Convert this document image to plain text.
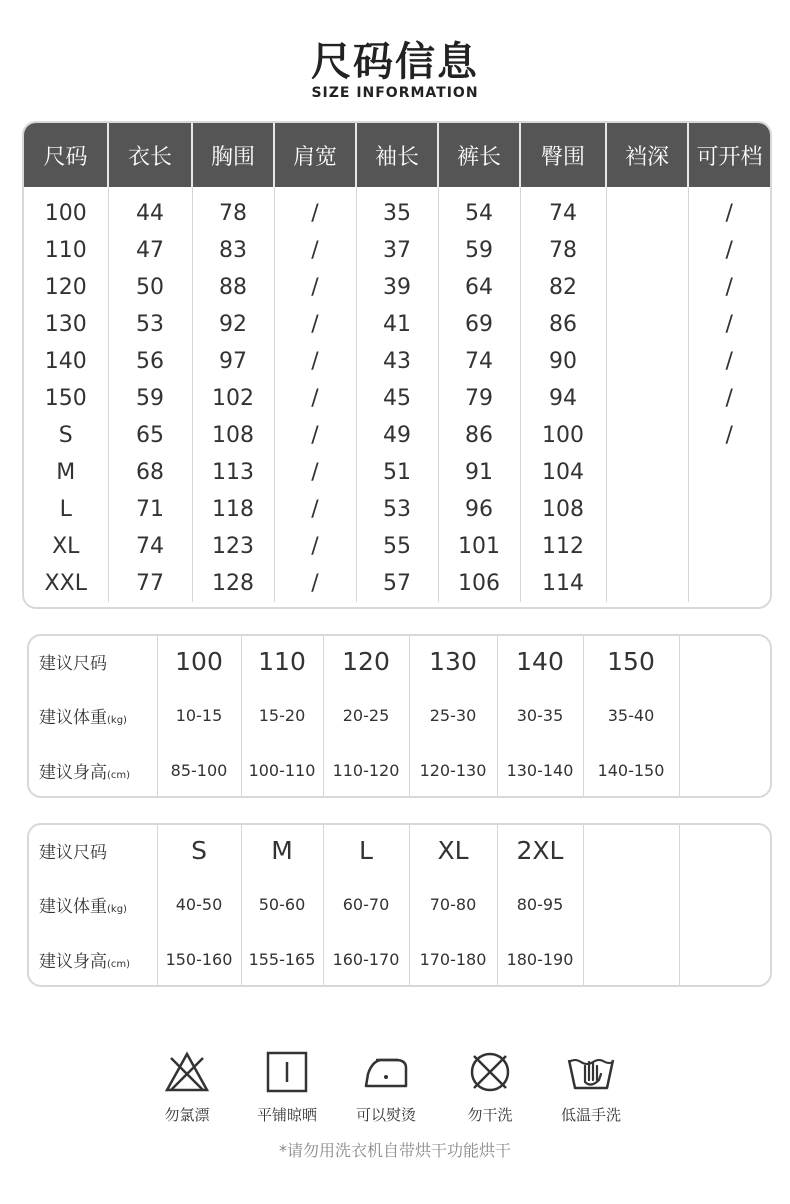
尺码信息
SIZE INFORMATION
尺码	衣长	胸围	肩宽	袖长	裤长	臀围	裆深	可开档
100	44	78	/	35	54	74		/
110	47	83	/	37	59	78		/
120	50	88	/	39	64	82		/
130	53	92	/	41	69	86		/
140	56	97	/	43	74	90		/
150	59	102	/	45	79	94		/
S	65	108	/	49	86	100		/
M	68	113	/	51	91	104		
L	71	118	/	53	96	108		
XL	74	123	/	55	101	112		
XXL	77	128	/	57	106	114		
建议尺码	100	110	120	130	140	150	
建议体重(kg)	10-15	15-20	20-25	25-30	30-35	35-40	
建议身高(cm)	85-100	100-110	110-120	120-130	130-140	140-150	
建议尺码	S	M	L	XL	2XL		
建议体重(kg)	40-50	50-60	60-70	70-80	80-95		
建议身高(cm)	150-160	155-165	160-170	170-180	180-190		
勿氯漂	平铺晾晒	可以熨烫	勿干洗	低温手洗
*请勿用洗衣机自带烘干功能烘干
